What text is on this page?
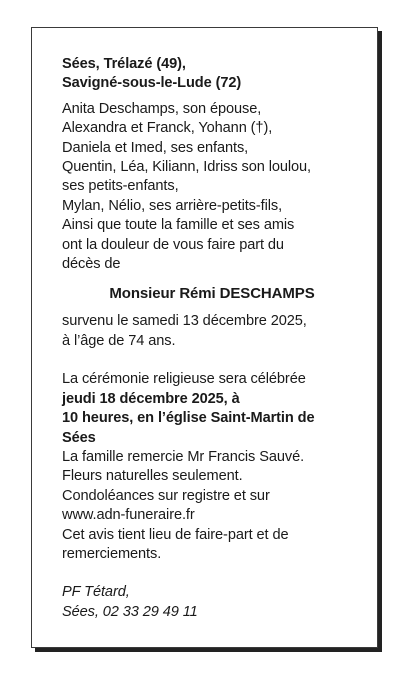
Sées, Trélazé (49),
Savigné-sous-le-Lude (72)
Anita Deschamps, son épouse,
Alexandra et Franck, Yohann (†),
Daniela et Imed, ses enfants,
Quentin, Léa, Kiliann, Idriss son loulou,
ses petits-enfants,
Mylan, Nélio, ses arrière-petits-fils,
Ainsi que toute la famille et ses amis
ont la douleur de vous faire part du
décès de
Monsieur Rémi DESCHAMPS
survenu le samedi 13 décembre 2025,
à l’âge de 74 ans.
La cérémonie religieuse sera célébrée
jeudi 18 décembre 2025, à
10 heures, en l’église Saint-Martin de
Sées
La famille remercie Mr Francis Sauvé.
Fleurs naturelles seulement.
Condoléances sur registre et sur
www.adn-funeraire.fr
Cet avis tient lieu de faire-part et de
remerciements.
PF Tétard,
Sées, 02 33 29 49 11
